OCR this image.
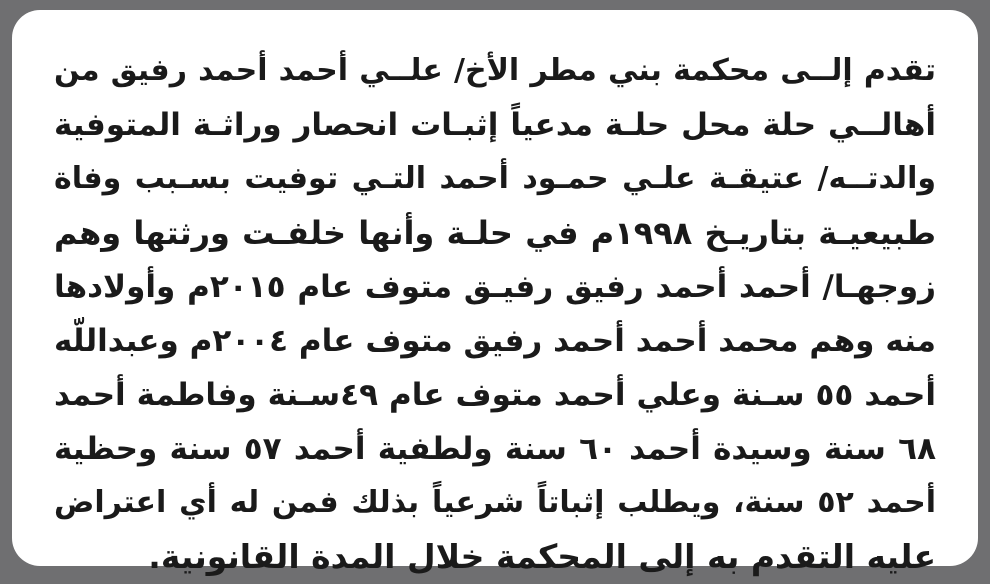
تقدم إلــى محكمة بني مطر الأخ/ علــي أحمد أحمد رفيق من
أهالــي حلة محل حلـة مدعياً إثبـات انحصار وراثـة المتوفية
والدتــه/ عتيقـة علـي حمـود أحمد التـي توفيت بسـبب وفاة
طبيعيـة بتاريـخ ١٩٩٨م في حلـة وأنها خلفـت ورثتها وهم
زوجهـا/ أحمد أحمد رفيق رفيـق متوف عام ٢٠١٥م وأولادها
منه وهم محمد أحمد أحمد رفيق متوف عام ٢٠٠٤م وعبداللّه
أحمد ٥٥ سـنة وعلي أحمد متوف عام ٤٩سـنة وفاطمة أحمد
٦٨ سنة وسيدة أحمد ٦٠ سنة ولطفية أحمد ٥٧ سنة وحظية
أحمد ٥٢ سنة، ويطلب إثباتاً شرعياً بذلك فمن له أي اعتراض
عليه التقدم به إلى المحكمة خلال المدة القانونية.
